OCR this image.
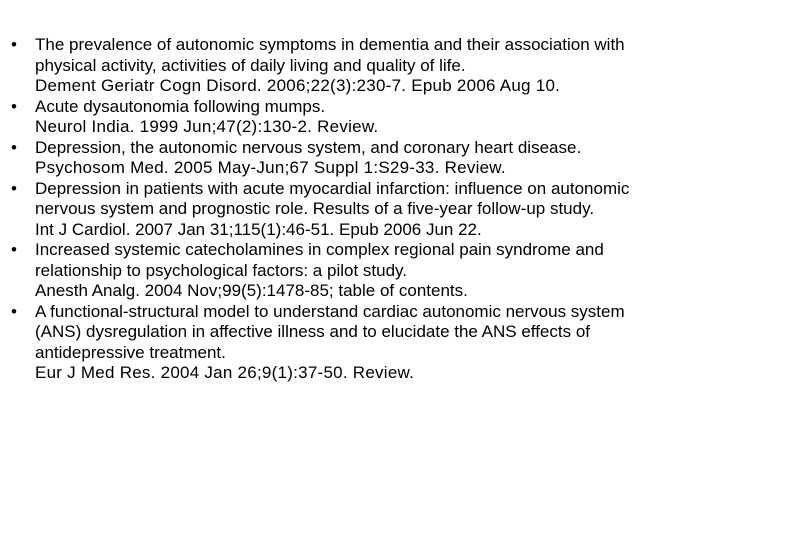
• The prevalence of autonomic symptoms in dementia and their association with
physical activity, activities of daily living and quality of life.
Dement Geriatr Cogn Disord. 2006;22(3):230-7. Epub 2006 Aug 10.
• Acute dysautonomia following mumps.
Neurol India. 1999 Jun;47(2):130-2. Review.
• Depression, the autonomic nervous system, and coronary heart disease.
Psychosom Med. 2005 May-Jun;67 Suppl 1:S29-33. Review.
• Depression in patients with acute myocardial infarction: influence on autonomic
nervous system and prognostic role. Results of a five-year follow-up study.
Int J Cardiol. 2007 Jan 31;115(1):46-51. Epub 2006 Jun 22.
• Increased systemic catecholamines in complex regional pain syndrome and
relationship to psychological factors: a pilot study.
Anesth Analg. 2004 Nov;99(5):1478-85; table of contents.
• A functional-structural model to understand cardiac autonomic nervous system
(ANS) dysregulation in affective illness and to elucidate the ANS effects of
antidepressive treatment.
Eur J Med Res. 2004 Jan 26;9(1):37-50. Review.
